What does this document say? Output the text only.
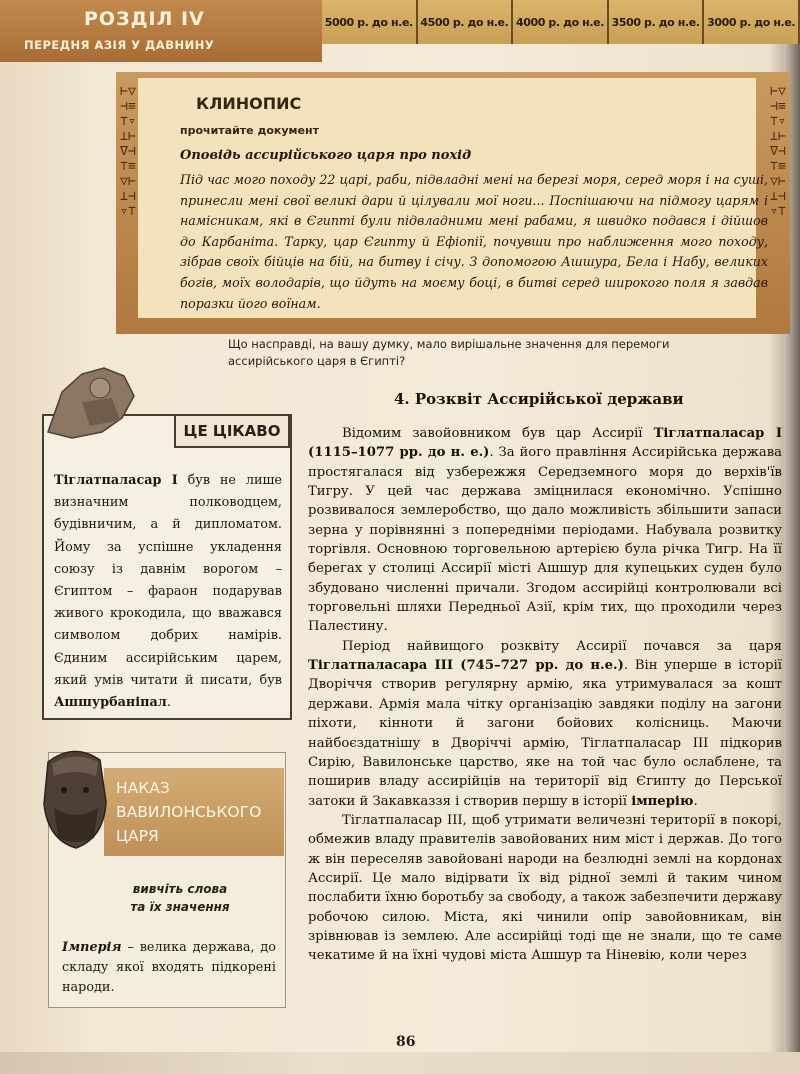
РОЗДІЛ IV
ПЕРЕДНЯ АЗІЯ У ДАВНИНУ
5000 р. до н.е. 4500 р. до н.е. 4000 р. до н.е. 3500 р. до н.е. 3000 р. до н.е.
⊢▽⊣≡⊤▿⊥⊢∇⊣⊤≡▽⊢⊥⊣▿⊤
⊢▽⊣≡⊤▿⊥⊢∇⊣⊤≡▽⊢⊥⊣▿⊤
КЛИНОПИС
прочитайте документ
Оповідь ассирійського царя про похід
Під час мого походу 22 царі, раби, підвладні мені на березі моря, серед моря і на суші, принесли мені свої великі дари й цілували мої ноги... Поспішаючи на підмогу царям і намісникам, які в Єгипті були підвладними мені рабами, я швидко подався і дійшов до Карбаніта. Тарку, цар Єгипту й Ефіопії, почувши про наближення мого походу, зібрав своїх бійців на бій, на битву і січу. З допомогою Ашшура, Бела і Набу, великих богів, моїх володарів, що йдуть на моєму боці, в битві серед широкого поля я завдав поразки його воїнам.
Що насправді, на вашу думку, мало вирішальне значення для перемоги ассирійського царя в Єгипті?
ЦЕ ЦІКАВО
Тіглатпаласар I був не лише визначним полководцем, будівничим, а й дипломатом. Йому за успішне укладення союзу із давнім ворогом – Єгиптом – фараон подарував живого крокодила, що вважався символом добрих намірів. Єдиним ассирійським царем, який умів читати й писати, був Ашшурбаніпал.
НАКАЗ ВАВИЛОНСЬКОГО ЦАРЯ
вивчіть слова
та їх значення
Імперія – велика держава, до складу якої входять підкорені народи.
4. Розквіт Ассирійської держави

Відомим завойовником був цар Ассирії Тіглатпаласар I (1115–1077 рр. до н. е.). За його правління Ассирійська держава простягалася від узбережжя Середземного моря до верхів'їв Тигру. У цей час держава зміцнилася економічно. Успішно розвивалося землеробство, що дало можливість збільшити запаси зерна у порівнянні з попередніми періодами. Набувала розвитку торгівля. Основною торговельною артерією була річка Тигр. На її берегах у столиці Ассирії місті Ашшур для купецьких суден було збудовано численні причали. Згодом ассирійці контролювали всі торговельні шляхи Передньої Азії, крім тих, що проходили через Палестину.

Період найвищого розквіту Ассирії почався за царя Тіглатпаласара III (745–727 рр. до н.е.). Він уперше в історії Дворіччя створив регулярну армію, яка утримувалася за кошт держави. Армія мала чітку організацію завдяки поділу на загони піхоти, кінноти й загони бойових колісниць. Маючи найбоєздатнішу в Дворіччі армію, Тіглатпаласар III підкорив Сирію, Вавилонське царство, яке на той час було ослаблене, та поширив владу ассирійців на території від Єгипту до Перської затоки й Закавказзя і створив першу в історії імперію.

Тіглатпаласар III, щоб утримати величезні території в покорі, обмежив владу правителів завойованих ним міст і держав. До того ж він переселяв завойовані народи на безлюдні землі на кордонах Ассирії. Це мало відірвати їх від рідної землі й таким чином послабити їхню боротьбу за свободу, а також забезпечити державу робочою силою. Міста, які чинили опір завойовникам, він зрівнював із землею. Але ассирійці тоді ще не знали, що те саме чекатиме й на їхні чудові міста Ашшур та Ніневію, коли через

86
